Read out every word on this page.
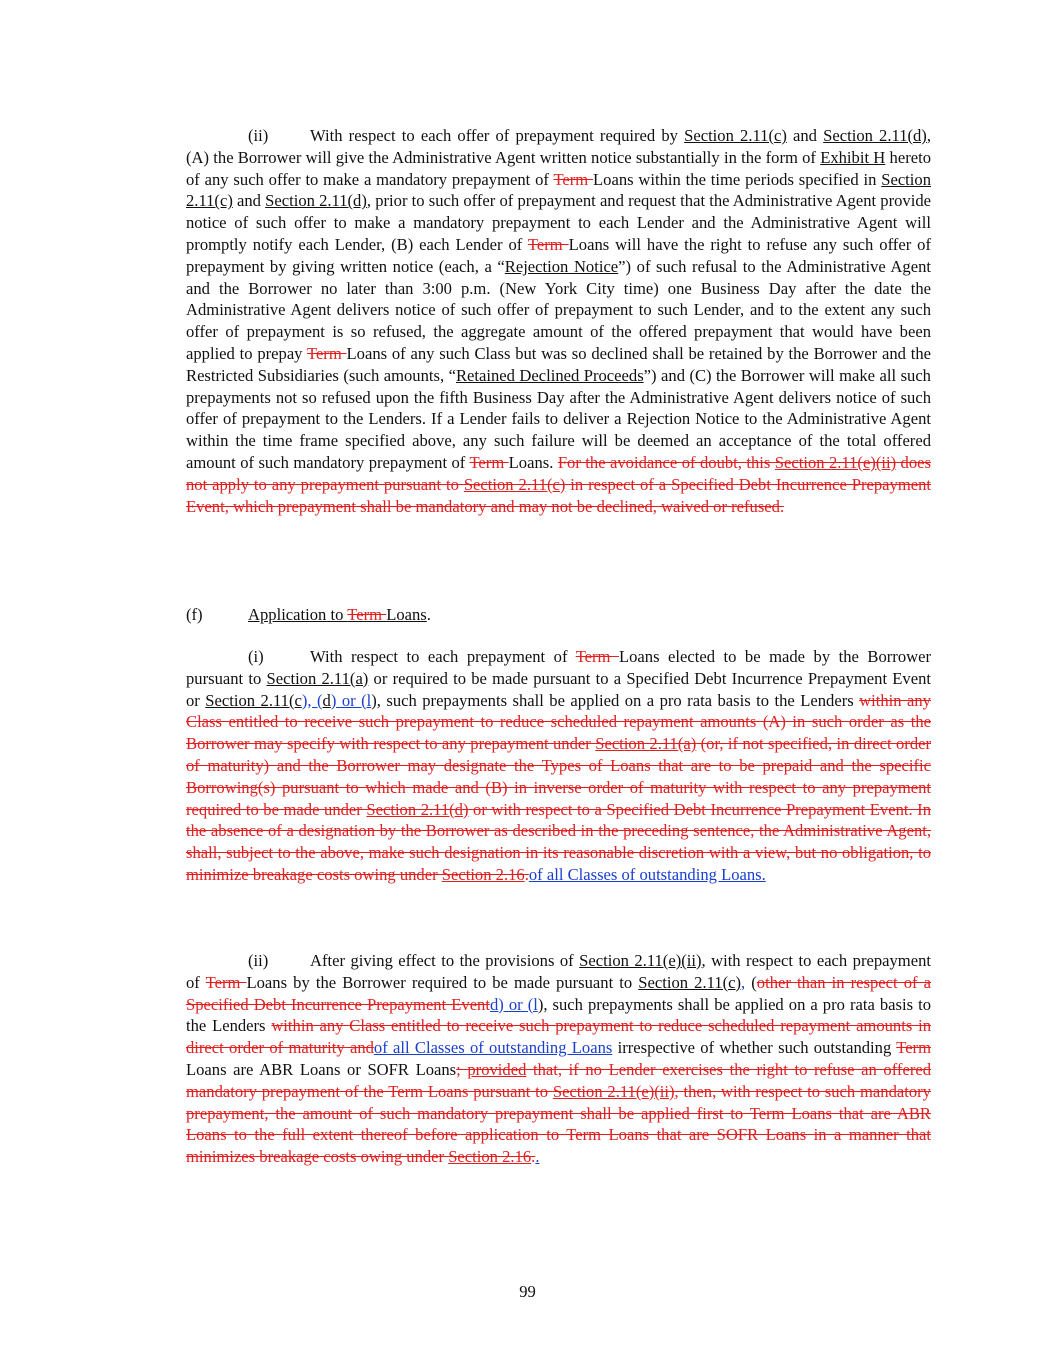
(ii)	With respect to each offer of prepayment required by Section 2.11(c) and Section 2.11(d), (A) the Borrower will give the Administrative Agent written notice substantially in the form of Exhibit H hereto of any such offer to make a mandatory prepayment of Term Loans within the time periods specified in Section 2.11(c) and Section 2.11(d), prior to such offer of prepayment and request that the Administrative Agent provide notice of such offer to make a mandatory prepayment to each Lender and the Administrative Agent will promptly notify each Lender, (B) each Lender of Term Loans will have the right to refuse any such offer of prepayment by giving written notice (each, a “Rejection Notice”) of such refusal to the Administrative Agent and the Borrower no later than 3:00 p.m. (New York City time) one Business Day after the date the Administrative Agent delivers notice of such offer of prepayment to such Lender, and to the extent any such offer of prepayment is so refused, the aggregate amount of the offered prepayment that would have been applied to prepay Term Loans of any such Class but was so declined shall be retained by the Borrower and the Restricted Subsidiaries (such amounts, “Retained Declined Proceeds”) and (C) the Borrower will make all such prepayments not so refused upon the fifth Business Day after the Administrative Agent delivers notice of such offer of prepayment to the Lenders. If a Lender fails to deliver a Rejection Notice to the Administrative Agent within the time frame specified above, any such failure will be deemed an acceptance of the total offered amount of such mandatory prepayment of Term Loans. For the avoidance of doubt, this Section 2.11(e)(ii) does not apply to any prepayment pursuant to Section 2.11(c) in respect of a Specified Debt Incurrence Prepayment Event, which prepayment shall be mandatory and may not be declined, waived or refused.

(f)	Application to Term Loans.

(i)	With respect to each prepayment of Term Loans elected to be made by the Borrower pursuant to Section 2.11(a) or required to be made pursuant to a Specified Debt Incurrence Prepayment Event or Section 2.11(c), (d) or (l), such prepayments shall be applied on a pro rata basis to the Lenders within any Class entitled to receive such prepayment to reduce scheduled repayment amounts (A) in such order as the Borrower may specify with respect to any prepayment under Section 2.11(a) (or, if not specified, in direct order of maturity) and the Borrower may designate the Types of Loans that are to be prepaid and the specific Borrowing(s) pursuant to which made and (B) in inverse order of maturity with respect to any prepayment required to be made under Section 2.11(d) or with respect to a Specified Debt Incurrence Prepayment Event. In the absence of a designation by the Borrower as described in the preceding sentence, the Administrative Agent, shall, subject to the above, make such designation in its reasonable discretion with a view, but no obligation, to minimize breakage costs owing under Section 2.16.of all Classes of outstanding Loans.

(ii)	After giving effect to the provisions of Section 2.11(e)(ii), with respect to each prepayment of Term Loans by the Borrower required to be made pursuant to Section 2.11(c), (other than in respect of a Specified Debt Incurrence Prepayment Eventd) or (l), such prepayments shall be applied on a pro rata basis to the Lenders within any Class entitled to receive such prepayment to reduce scheduled repayment amounts in direct order of maturity andof all Classes of outstanding Loans irrespective of whether such outstanding Term Loans are ABR Loans or SOFR Loans; provided that, if no Lender exercises the right to refuse an offered mandatory prepayment of the Term Loans pursuant to Section 2.11(e)(ii), then, with respect to such mandatory prepayment, the amount of such mandatory prepayment shall be applied first to Term Loans that are ABR Loans to the full extent thereof before application to Term Loans that are SOFR Loans in a manner that minimizes breakage costs owing under Section 2.16..

99
